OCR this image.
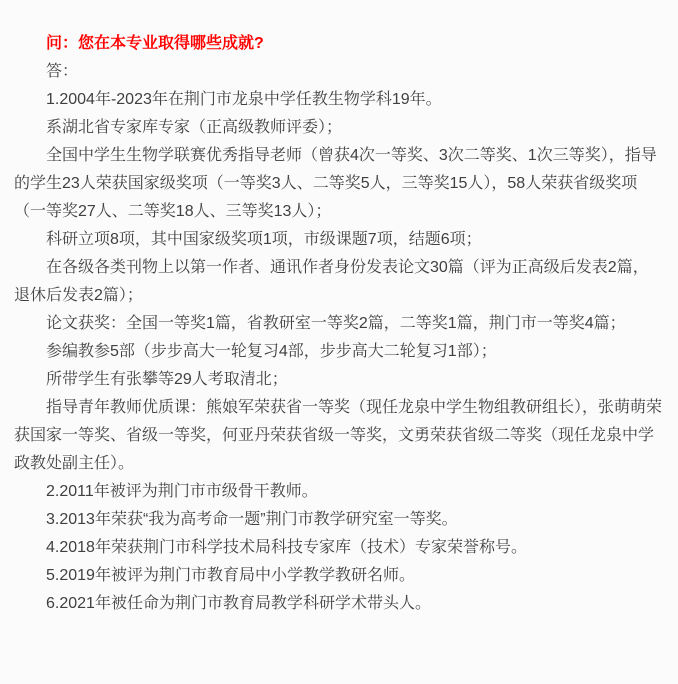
问：您在本专业取得哪些成就?

答：

1.2004年-2023年在荆门市龙泉中学任教生物学科19年。

系湖北省专家库专家（正高级教师评委）；

全国中学生生物学联赛优秀指导老师（曾获4次一等奖、3次二等奖、1次三等奖），指导的学生23人荣获国家级奖项（一等奖3人、二等奖5人，三等奖15人），58人荣获省级奖项（一等奖27人、二等奖18人、三等奖13人）；

科研立项8项，其中国家级奖项1项，市级课题7项，结题6项；

在各级各类刊物上以第一作者、通讯作者身份发表论文30篇（评为正高级后发表2篇，退休后发表2篇）；

论文获奖：全国一等奖1篇，省教研室一等奖2篇，二等奖1篇，荆门市一等奖4篇；

参编教参5部（步步高大一轮复习4部，步步高大二轮复习1部）；

所带学生有张攀等29人考取清北；

指导青年教师优质课：熊娘军荣获省一等奖（现任龙泉中学生物组教研组长），张萌萌荣获国家一等奖、省级一等奖，何亚丹荣获省级一等奖，文勇荣获省级二等奖（现任龙泉中学政教处副主任）。

2.2011年被评为荆门市市级骨干教师。

3.2013年荣获“我为高考命一题”荆门市教学研究室一等奖。

4.2018年荣获荆门市科学技术局科技专家库（技术）专家荣誉称号。

5.2019年被评为荆门市教育局中小学教学教研名师。

6.2021年被任命为荆门市教育局教学科研学术带头人。
